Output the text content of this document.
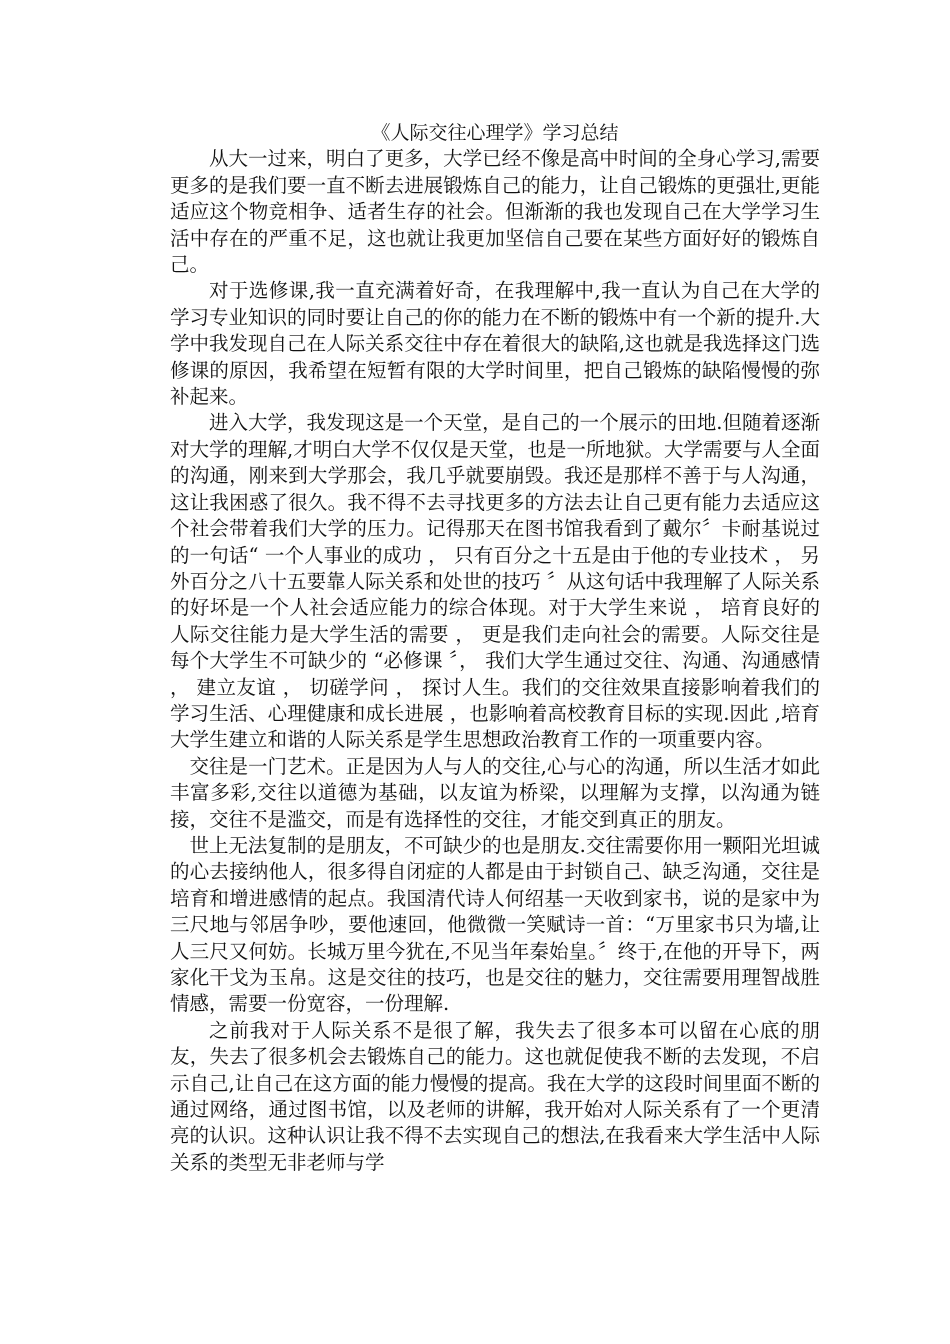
《人际交往心理学》学习总结

从大一过来，明白了更多，大学已经不像是高中时间的全身心学习,需要更多的是我们要一直不断去进展锻炼自己的能力，让自己锻炼的更强壮,更能适应这个物竞相争、适者生存的社会。但渐渐的我也发现自己在大学学习生活中存在的严重不足，这也就让我更加坚信自己要在某些方面好好的锻炼自己。

对于选修课,我一直充满着好奇，在我理解中,我一直认为自己在大学的学习专业知识的同时要让自己的你的能力在不断的锻炼中有一个新的提升.大学中我发现自己在人际关系交往中存在着很大的缺陷,这也就是我选择这门选修课的原因，我希望在短暂有限的大学时间里，把自己锻炼的缺陷慢慢的弥补起来。

进入大学，我发现这是一个天堂，是自己的一个展示的田地.但随着逐渐对大学的理解,才明白大学不仅仅是天堂，也是一所地狱。大学需要与人全面的沟通，刚来到大学那会，我几乎就要崩毁。我还是那样不善于与人沟通，这让我困惑了很久。我不得不去寻找更多的方法去让自己更有能力去适应这个社会带着我们大学的压力。记得那天在图书馆我看到了戴尔〞卡耐基说过的一句话“ 一个人事业的成功 ， 只有百分之十五是由于他的专业技术 ， 另外百分之八十五要靠人际关系和处世的技巧 〞从这句话中我理解了人际关系的好坏是一个人社会适应能力的综合体现。对于大学生来说 ， 培育良好的人际交往能力是大学生活的需要 ， 更是我们走向社会的需要。人际交往是每个大学生不可缺少的 “必修课 〞， 我们大学生通过交往、沟通、沟通感情 ， 建立友谊 ， 切磋学问 ， 探讨人生。我们的交往效果直接影响着我们的学习生活、心理健康和成长进展 ，也影响着高校教育目标的实现.因此 ,培育大学生建立和谐的人际关系是学生思想政治教育工作的一项重要内容。

交往是一门艺术。正是因为人与人的交往,心与心的沟通，所以生活才如此丰富多彩,交往以道德为基础，以友谊为桥梁，以理解为支撑，以沟通为链接，交往不是滥交，而是有选择性的交往，才能交到真正的朋友。

世上无法复制的是朋友，不可缺少的也是朋友.交往需要你用一颗阳光坦诚的心去接纳他人，很多得自闭症的人都是由于封锁自己、缺乏沟通，交往是培育和增进感情的起点。我国清代诗人何绍基一天收到家书，说的是家中为三尺地与邻居争吵，要他速回，他微微一笑赋诗一首：“万里家书只为墙,让人三尺又何妨。长城万里今犹在,不见当年秦始皇。〞终于,在他的开导下，两家化干戈为玉帛。这是交往的技巧，也是交往的魅力，交往需要用理智战胜情感，需要一份宽容，一份理解.

之前我对于人际关系不是很了解，我失去了很多本可以留在心底的朋友，失去了很多机会去锻炼自己的能力。这也就促使我不断的去发现，不启示自己,让自己在这方面的能力慢慢的提高。我在大学的这段时间里面不断的通过网络，通过图书馆，以及老师的讲解，我开始对人际关系有了一个更清亮的认识。这种认识让我不得不去实现自己的想法,在我看来大学生活中人际关系的类型无非老师与学
